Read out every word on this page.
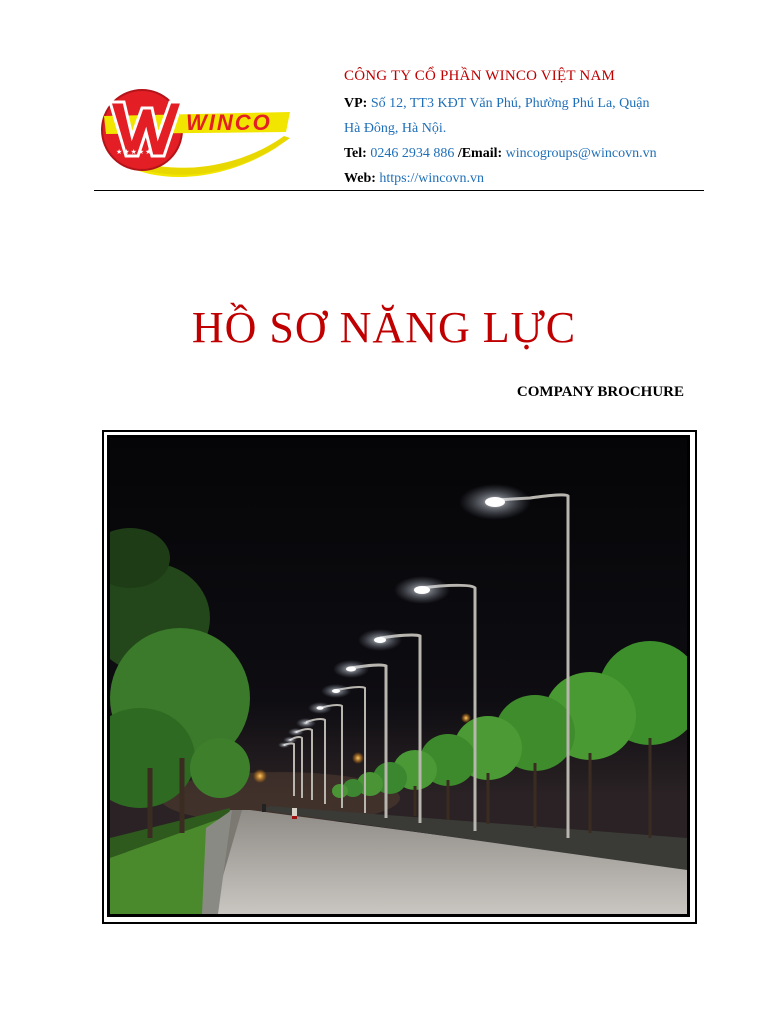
WINCO
★★★★★
CÔNG TY CỔ PHẦN WINCO VIỆT NAM
VP: Số 12, TT3 KĐT Văn Phú, Phường Phú La, Quận
Hà Đông, Hà Nội.
Tel: 0246 2934 886 /Email: wincogroups@wincovn.vn
Web: https://wincovn.vn
HỒ SƠ NĂNG LỰC

COMPANY BROCHURE
